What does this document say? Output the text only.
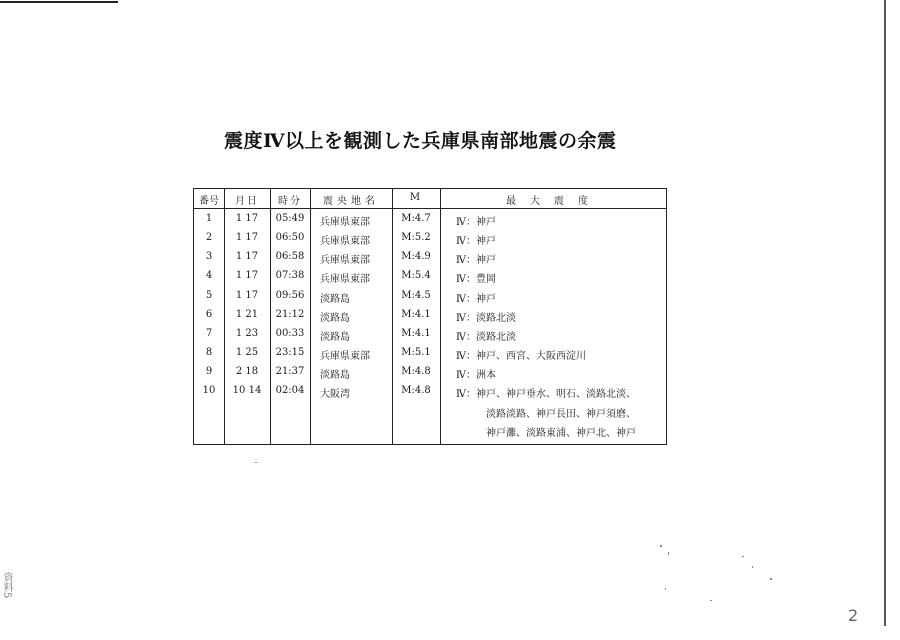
震度Ⅳ以上を観測した兵庫県南部地震の余震
番号	月日	時分	震央地名	M	最大震度
1	1 17	05:49	兵庫県東部	M:4.7	Ⅳ：神戸
2	1 17	06:50	兵庫県東部	M:5.2	Ⅳ：神戸
3	1 17	06:58	兵庫県東部	M:4.9	Ⅳ：神戸
4	1 17	07:38	兵庫県東部	M:5.4	Ⅳ：豊岡
5	1 17	09:56	淡路島	M:4.5	Ⅳ：神戸
6	1 21	21:12	淡路島	M:4.1	Ⅳ：淡路北淡
7	1 23	00:33	淡路島	M:4.1	Ⅳ：淡路北淡
8	1 25	23:15	兵庫県東部	M:5.1	Ⅳ：神戸、西宮、大阪西淀川
9	2 18	21:37	淡路島	M:4.8	Ⅳ：洲本
10	10 14	02:04	大阪湾	M:4.8	Ⅳ：神戸、神戸垂水、明石、淡路北淡、
淡路淡路、神戸長田、神戸須磨、
神戸灘、淡路東浦、神戸北、神戸
資料5
2
